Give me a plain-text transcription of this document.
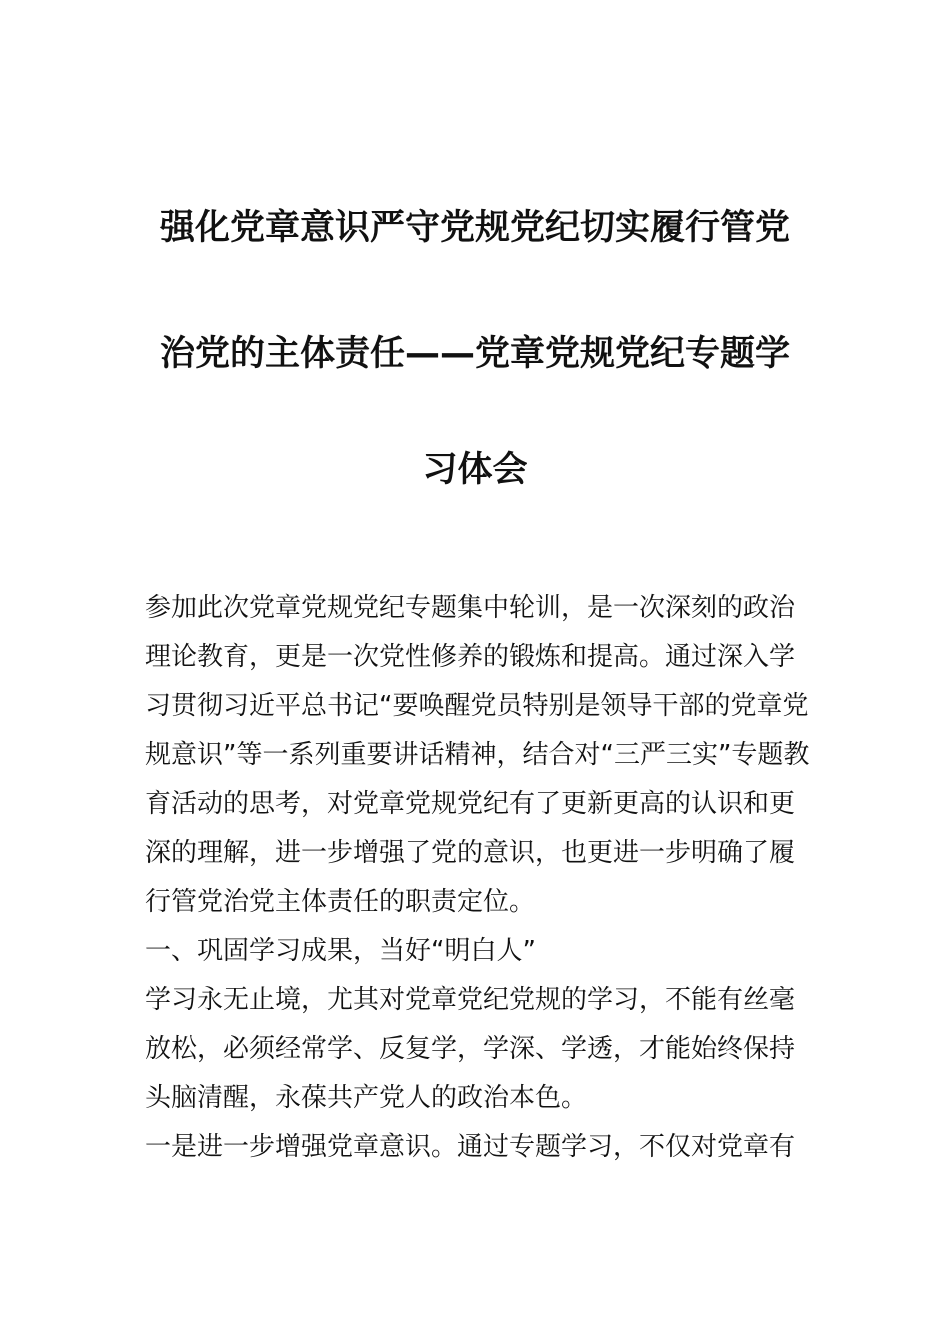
强化党章意识严守党规党纪切实履行管党
治党的主体责任——党章党规党纪专题学
习体会
参加此次党章党规党纪专题集中轮训，是一次深刻的政治
理论教育，更是一次党性修养的锻炼和提高。通过深入学
习贯彻习近平总书记“要唤醒党员特别是领导干部的党章党
规意识”等一系列重要讲话精神，结合对“三严三实”专题教
育活动的思考，对党章党规党纪有了更新更高的认识和更
深的理解，进一步增强了党的意识，也更进一步明确了履
行管党治党主体责任的职责定位。
一、巩固学习成果，当好“明白人”
学习永无止境，尤其对党章党纪党规的学习，不能有丝毫
放松，必须经常学、反复学，学深、学透，才能始终保持
头脑清醒，永葆共产党人的政治本色。
一是进一步增强党章意识。通过专题学习，不仅对党章有
